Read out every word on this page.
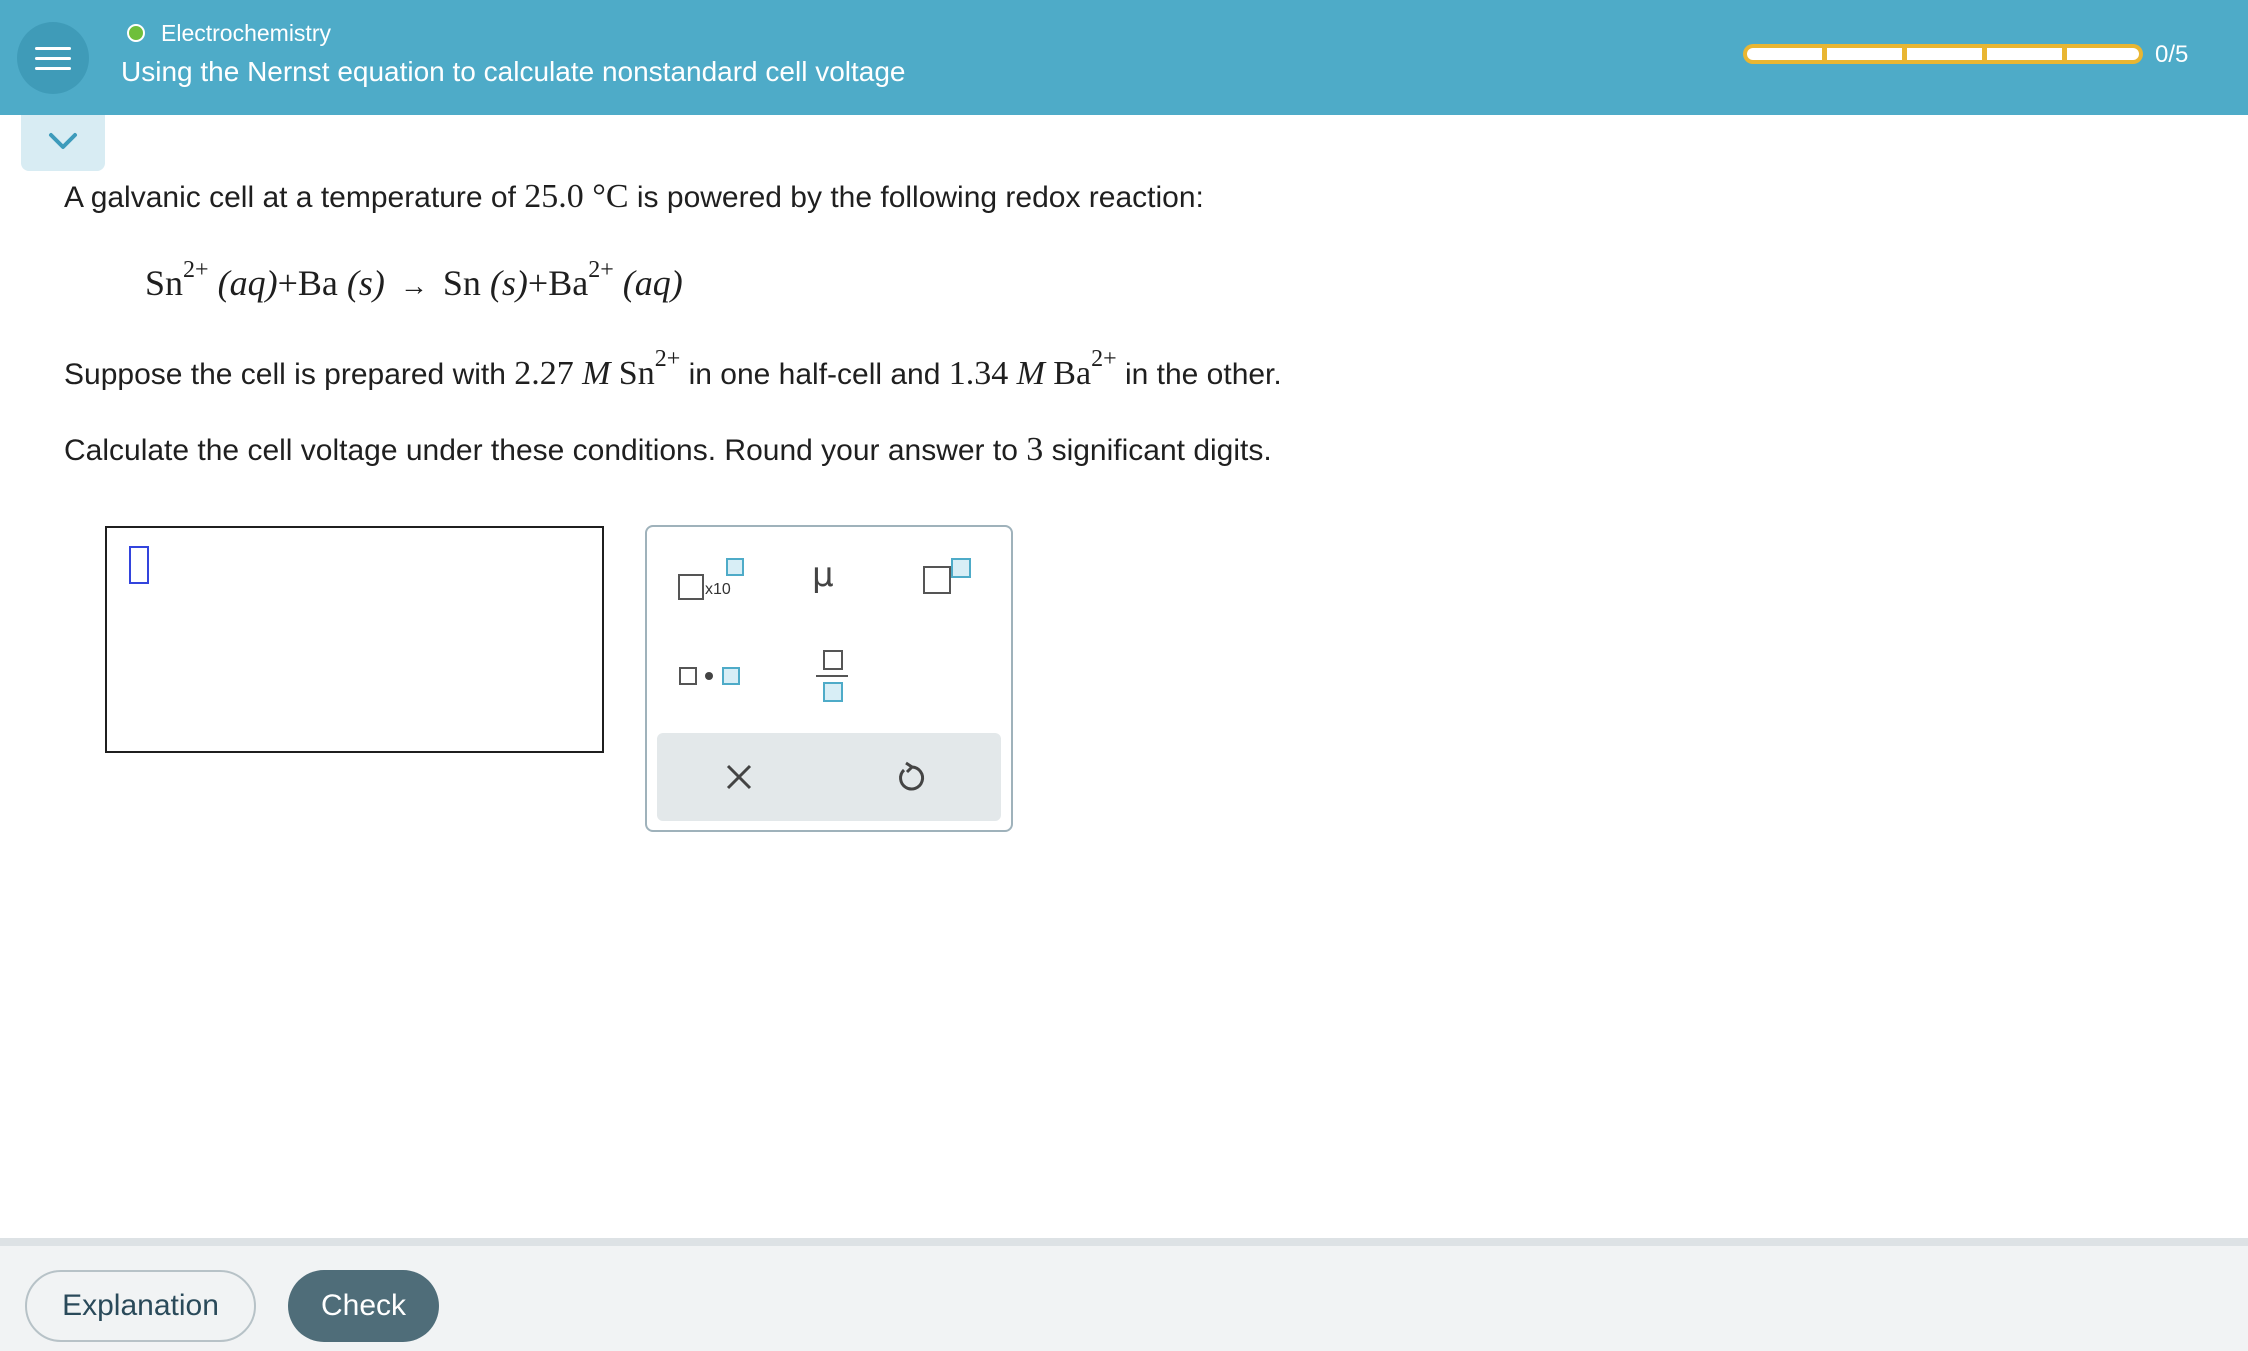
Electrochemistry
Using the Nernst equation to calculate nonstandard cell voltage
0/5
A galvanic cell at a temperature of 25.0 °C is powered by the following redox reaction:
$Sn^{2+}$ (aq)+Ba (s) → Sn $(s)+Ba^{2+}$ (aq)
Suppose the cell is prepared with 2.27 M $Sn^{2+}$ in one half-cell and 1.34 M $Ba^{2+}$ in the other.
Calculate the cell voltage under these conditions. Round your answer to 3 significant digits.
x10 μ
Explanation	Check
